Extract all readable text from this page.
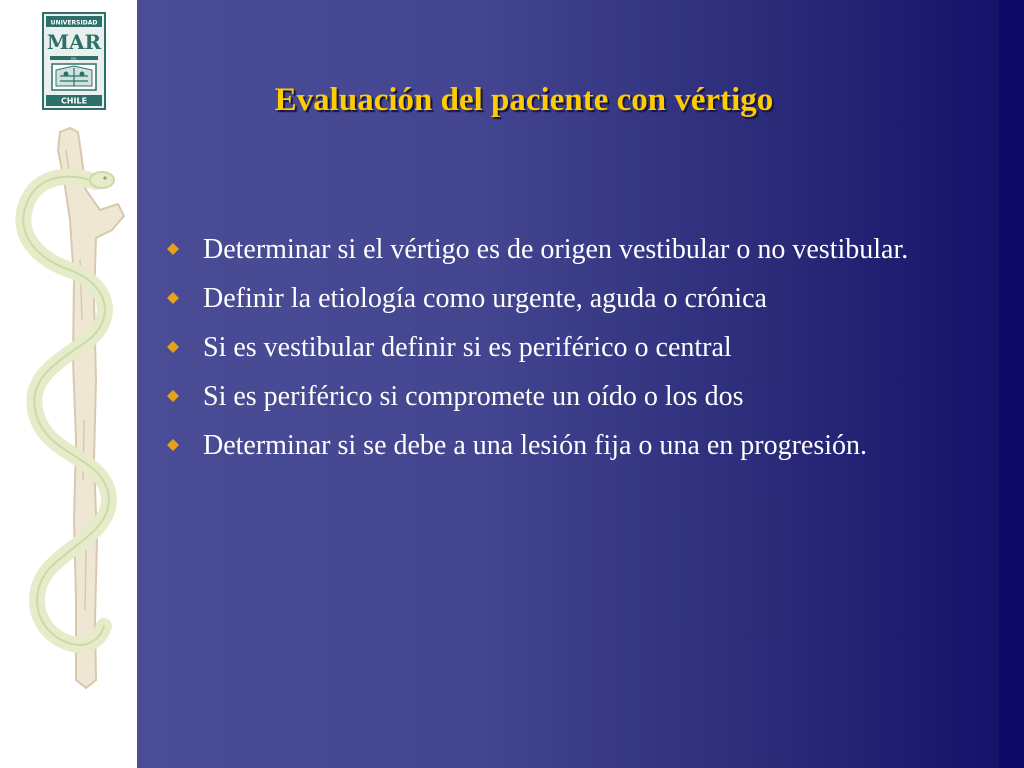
UNIVERSIDAD
MAR
DEL
CHILE	Evaluación del paciente con vértigo
Determinar si el vértigo es de origen vestibular o no vestibular.
Definir la etiología como urgente, aguda o crónica
Si es vestibular definir si es periférico o central
Si es periférico si compromete un oído o los dos
Determinar si se debe a una lesión fija o una en progresión.
